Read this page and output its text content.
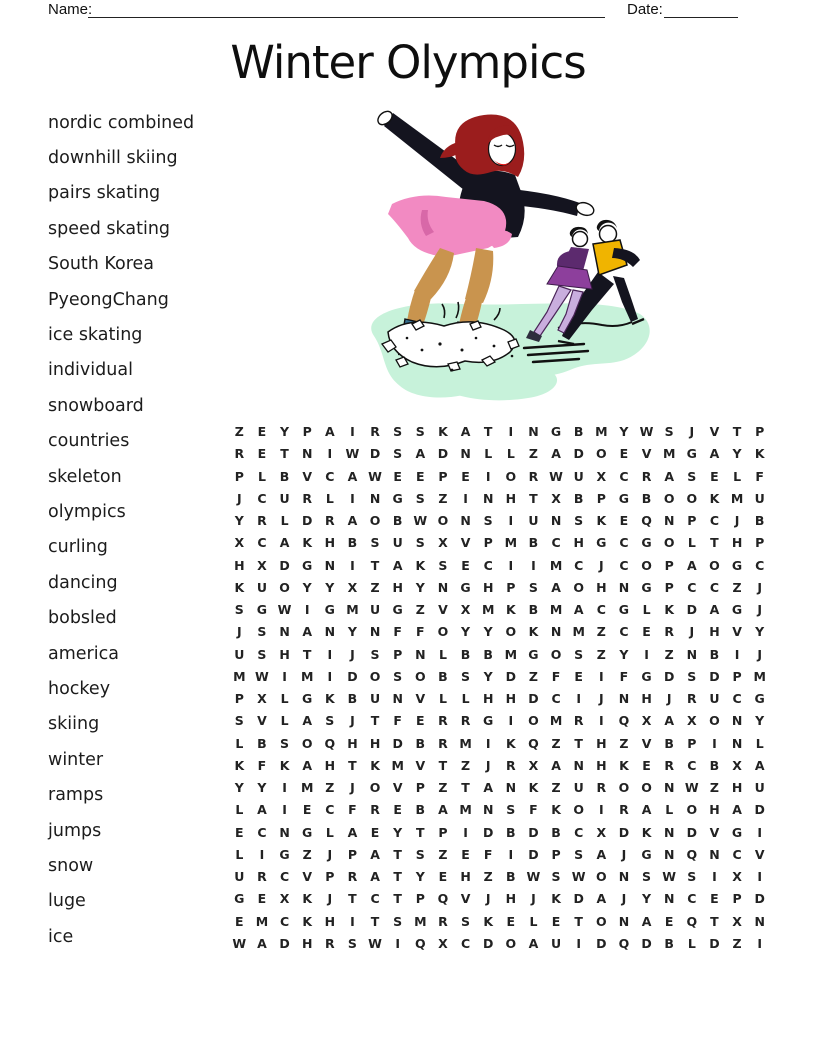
Name:	Date:
Winter Olympics
nordic combined
downhill skiing
pairs skating
speed skating
South Korea
PyeongChang
ice skating
individual
snowboard
countries
skeleton
olympics
curling
dancing
bobsled
america
hockey
skiing
winter
ramps
jumps
snow
luge
ice
Z	E	Y	P	A	I	R	S	S	K	A	T	I	N G	B M Y W S	J	V	T	P
R	E	T	N	I	W D	S	A	D N	L	L	Z	A	D O	E	V M G	A	Y	K
P	L	B	V	C	A W E	E	P	E	I	O R W U	X	C	R	A	S	E	L	F
J	C	U	R	L	I	N G	S	Z	I	N H	T	X	B	P	G	B	O O K M U
Y	R	L	D	R	A O	B W O N	S	I	U N	S	K	E	Q N	P	C	J	B
X	C	A	K	H	B	S	U	S	X	V	P M B	C	H G	C	G O	L	T	H	P
H	X	D G N	I	T	A	K	S	E	C	I	I	M C	J	C	O	P	A O G	C
K	U O	Y	Y	X	Z	H	Y	N G H	P	S	A O H N G	P	C	C	Z	J
S	G W	I	G M U G	Z	V	X M K	B M A	C	G	L	K	D	A	G	J
J	S	N	A	N	Y	N	F	F	O	Y	Y	O K	N M Z	C	E	R	J	H	V	Y
U	S	H	T	I	J	S	P	N	L	B	B M G O	S	Z	Y	I	Z	N	B	I	J
M W	I	M	I	D O	S	O	B	S	Y	D	Z	F	E	I	F	G D	S	D	P M
P	X	L	G	K	B	U N	V	L	L	H H D	C	I	J	N H	J	R	U	C	G
S	V	L	A	S	J	T	F	E	R	R	G	I	O M R	I	Q X	A	X O N	Y
L	B	S	O Q H H D	B	R M	I	K Q	Z	T	H	Z	V	B	P	I	N	L
K	F	K	A	H	T	K M V	T	Z	J	R	X	A	N H	K	E	R	C	B	X	A
Y	Y	I	M Z	J	O V	P	Z	T	A	N	K	Z	U	R O O N W Z	H U
L	A	I	E	C	F	R	E	B	A M N	S	F	K O	I	R	A	L	O H	A	D
E	C	N G	L	A	E	Y	T	P	I	D	B	D	B	C	X	D	K	N D	V	G	I
L	I	G	Z	J	P	A	T	S	Z	E	F	I	D	P	S	A	J	G N Q N	C	V
U	R	C	V	P	R	A	T	Y	E	H	Z	B W S W O N	S W S	I	X	I
G	E	X	K	J	T	C	T	P	Q V	J	H	J	K	D	A	J	Y	N	C	E	P	D
E M C	K	H	I	T	S M R	S	K	E	L	E	T	O N	A	E	Q	T	X	N
W A	D H	R	S W	I	Q X	C	D O A	U	I	D Q D	B	L	D	Z	I
